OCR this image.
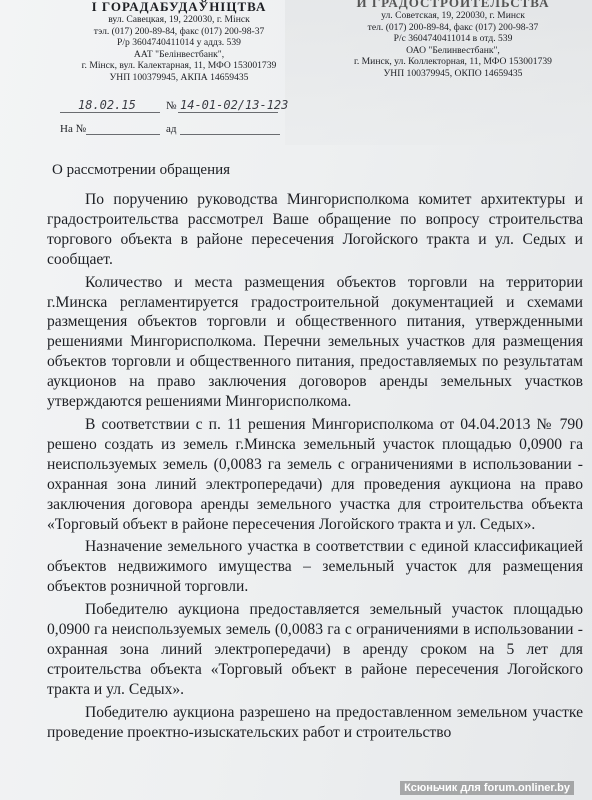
І ГОРАДАБУДАЎНІЦТВА
вул. Савецкая, 19, 220030, г. Мінск
тэл. (017) 200-89-84, факс (017) 200-98-37
Р/р 3604740411014 у аддз. 539
ААТ "Белінвестбанк",
г. Мінск, вул. Калектарная, 11, МФО 153001739
УНП 100379945, АКПА 14659435
И ГРАДОСТРОИТЕЛЬСТВА
ул. Советская, 19, 220030, г. Минск
тел. (017) 200-89-84, факс (017) 200-98-37
Р/с 3604740411014 в отд. 539
ОАО "Белинвестбанк",
г. Минск, ул. Коллекторная, 11, МФО 153001739
УНП 100379945, ОКПО 14659435
18.02.15	№ 14-01-02/13-123
На №	ад
О рассмотрении обращения

По поручению руководства Мингорисполкома комитет архитектуры и градостроительства рассмотрел Ваше обращение по вопросу строительства торгового объекта в районе пересечения Логойского тракта и ул. Седых и сообщает.

Количество и места размещения объектов торговли на территории г.Минска регламентируется градостроительной документацией и схемами размещения объектов торговли и общественного питания, утвержденными решениями Мингорисполкома. Перечни земельных участков для размещения объектов торговли и общественного питания, предоставляемых по результатам аукционов на право заключения договоров аренды земельных участков утверждаются решениями Мингорисполкома.

В соответствии с п. 11 решения Мингорисполкома от 04.04.2013 № 790 решено создать из земель г.Минска земельный участок площадью 0,0900 га неиспользуемых земель (0,0083 га земель с ограничениями в использовании - охранная зона линий электропередачи) для проведения аукциона на право заключения договора аренды земельного участка для строительства объекта «Торговый объект в районе пересечения Логойского тракта и ул. Седых».

Назначение земельного участка в соответствии с единой классификацией объектов недвижимого имущества – земельный участок для размещения объектов розничной торговли.

Победителю аукциона предоставляется земельный участок площадью 0,0900 га неиспользуемых земель (0,0083 га с ограничениями в использовании - охранная зона линий электропередачи) в аренду сроком на 5 лет для строительства объекта «Торговый объект в районе пересечения Логойского тракта и ул. Седых».

Победителю аукциона разрешено на предоставленном земельном участке проведение проектно-изыскательских работ и строительство

Ксюньчик для forum.onliner.by
